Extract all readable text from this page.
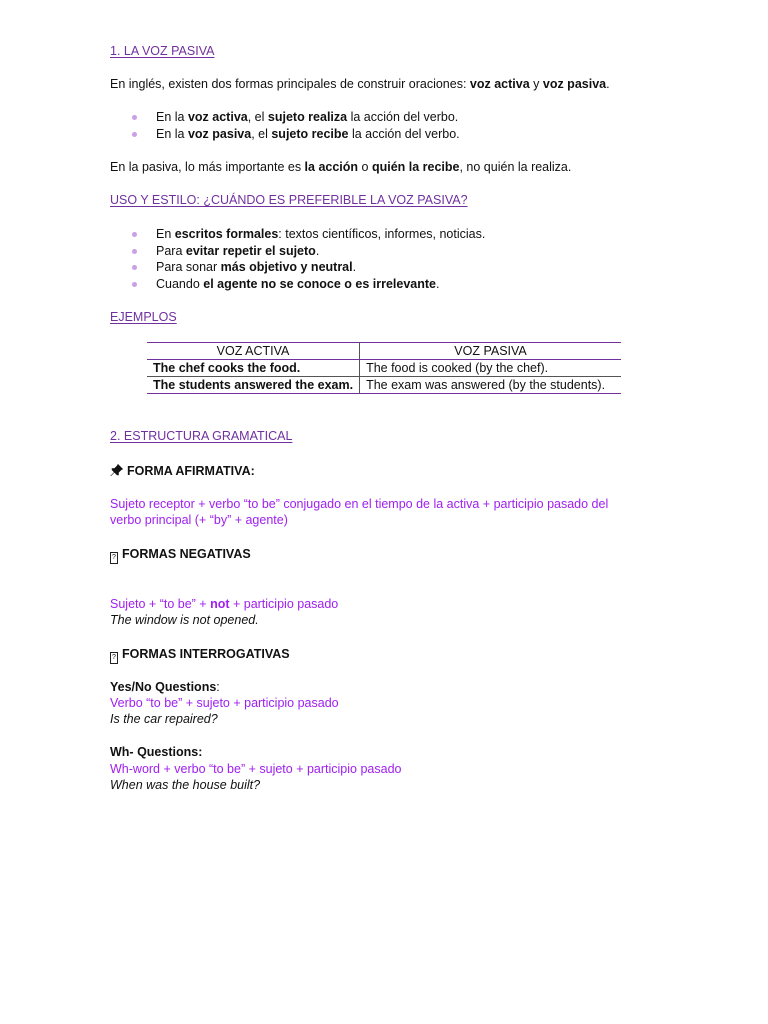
1. LA VOZ PASIVA
En inglés, existen dos formas principales de construir oraciones: voz activa y voz pasiva.
En la voz activa, el sujeto realiza la acción del verbo.
En la voz pasiva, el sujeto recibe la acción del verbo.
En la pasiva, lo más importante es la acción o quién la recibe, no quién la realiza.
USO Y ESTILO: ¿CUÁNDO ES PREFERIBLE LA VOZ PASIVA?
En escritos formales: textos científicos, informes, noticias.
Para evitar repetir el sujeto.
Para sonar más objetivo y neutral.
Cuando el agente no se conoce o es irrelevante.
EJEMPLOS
VOZ ACTIVA	VOZ PASIVA
The chef cooks the food.	The food is cooked (by the chef).
The students answered the exam.	The exam was answered (by the students).
2. ESTRUCTURA GRAMATICAL
FORMA AFIRMATIVA:
Sujeto receptor + verbo “to be” conjugado en el tiempo de la activa + participio pasado del
verbo principal (+ “by” + agente)
? FORMAS NEGATIVAS
Sujeto + “to be” + not + participio pasado
The window is not opened.
? FORMAS INTERROGATIVAS
Yes/No Questions:
Verbo “to be” + sujeto + participio pasado
Is the car repaired?
Wh- Questions:
Wh-word + verbo “to be” + sujeto + participio pasado
When was the house built?
